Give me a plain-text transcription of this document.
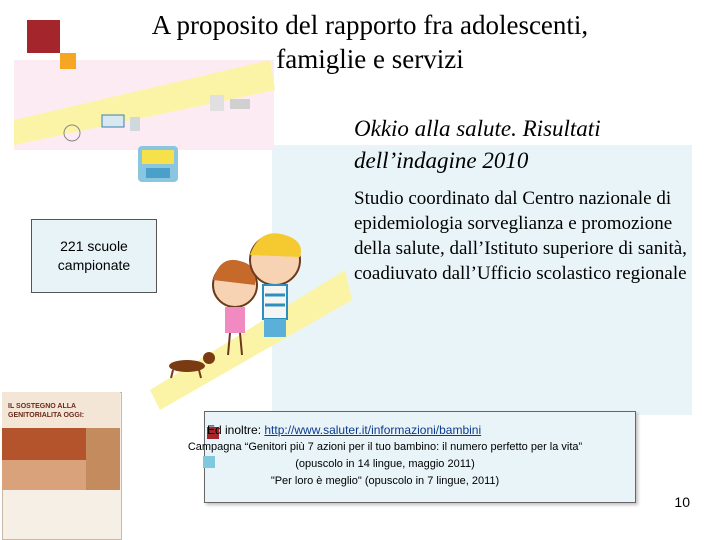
A proposito del rapporto fra adolescenti,
famiglie e servizi
Okkio alla salute. Risultati
dell’indagine 2010
Studio coordinato dal Centro nazionale di epidemiologia sorveglianza e promozione della salute, dall’Istituto superiore di sanità, coadiuvato dall’Ufficio scolastico regionale
221 scuole
campionate
IL SOSTEGNO ALLA GENITORIALITA OGGI:
Ed inoltre: http://www.saluter.it/informazioni/bambini
Campagna “Genitori più 7 azioni per il tuo bambino: il numero perfetto per la vita”
(opuscolo in 14 lingue, maggio 2011)
"Per loro è meglio" (opuscolo in 7 lingue, 2011)
10
